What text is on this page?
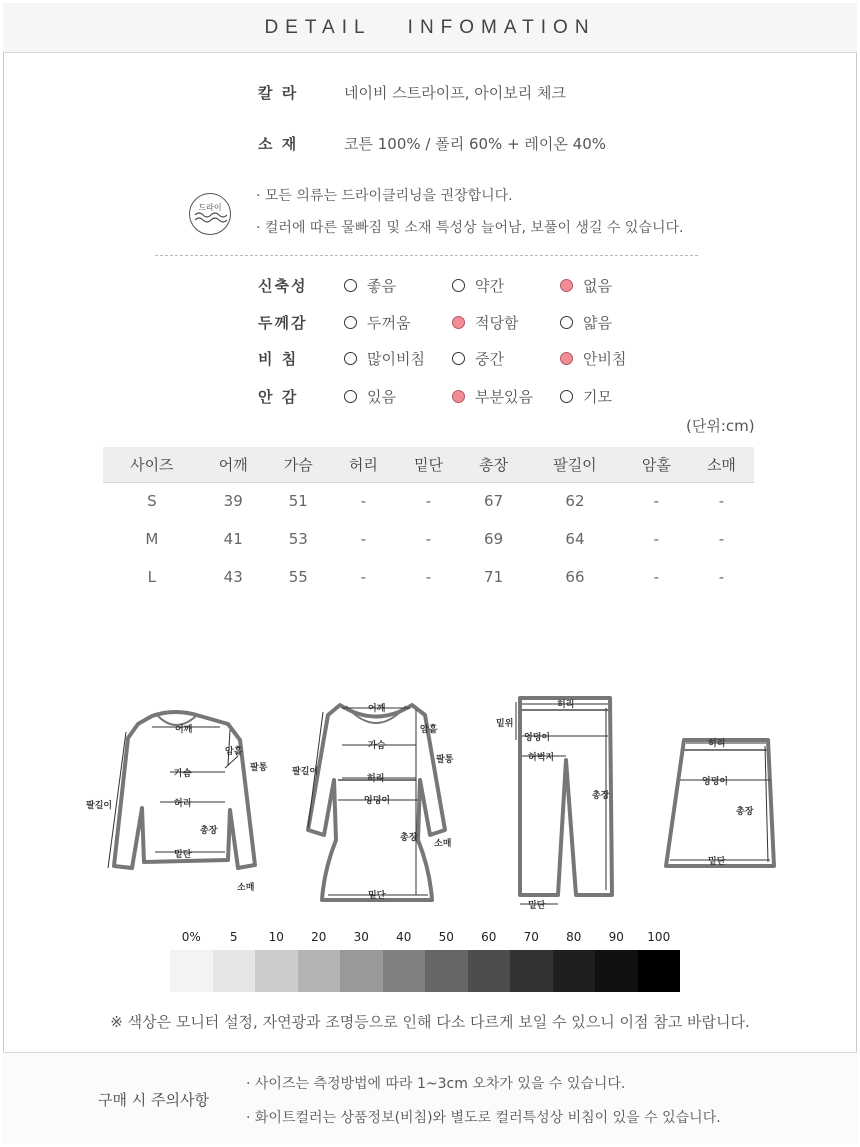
DETAIL   INFOMATION
칼 라	네이비 스트라이프, 아이보리 체크
소 재	코튼 100% / 폴리 60% + 레이온 40%
드라이
· 모든 의류는 드라이클리닝을 권장합니다.
· 컬러에 따른 물빠짐 및 소재 특성상 늘어남, 보풀이 생길 수 있습니다.
신축성	좋음	약간	없음
두께감	두꺼움	적당함	얇음
비 침	많이비침	중간	안비침
안 감	있음	부분있음	기모
(단위:cm)
사이즈	어깨	가슴	허리	밑단	총장	팔길이	암홀	소매
S	39	51	-	-	67	62	-	-
M	41	53	-	-	69	64	-	-
L	43	55	-	-	71	66	-	-
어깨
암홀
팔통
가슴
허리
팔길이
총장
밑단
소매
어깨
암홀
가슴
팔통
팔길이
허리
엉덩이
총장
소매
밑단
허리
밑위
엉덩이
허벅지
총장
밑단
허리
엉덩이
총장
밑단
0%	5	10	20	30	40	50	60	70	80	90	100
※ 색상은 모니터 설정, 자연광과 조명등으로 인해 다소 다르게 보일 수 있으니 이점 참고 바랍니다.
구매 시 주의사항
· 사이즈는 측정방법에 따라 1~3cm 오차가 있을 수 있습니다.
· 화이트컬러는 상품정보(비침)와 별도로 컬러특성상 비침이 있을 수 있습니다.
